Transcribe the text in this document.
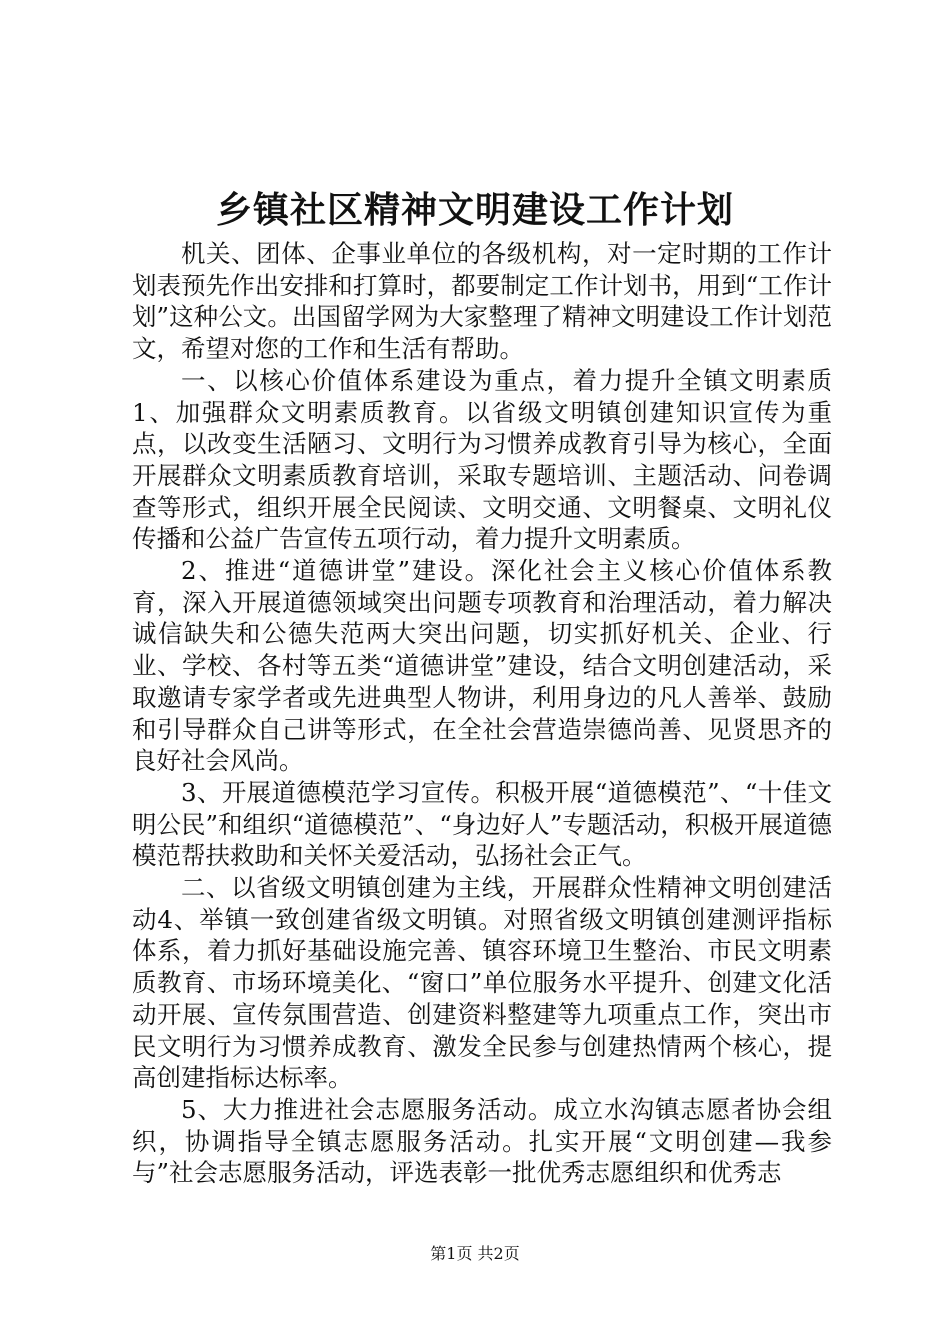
乡镇社区精神文明建设工作计划

机关、团体、企事业单位的各级机构，对一定时期的工作计划表预先作出安排和打算时，都要制定工作计划书，用到“工作计划”这种公文。出国留学网为大家整理了精神文明建设工作计划范文，希望对您的工作和生活有帮助。

一、以核心价值体系建设为重点，着力提升全镇文明素质1、加强群众文明素质教育。以省级文明镇创建知识宣传为重点，以改变生活陋习、文明行为习惯养成教育引导为核心，全面开展群众文明素质教育培训，采取专题培训、主题活动、问卷调查等形式，组织开展全民阅读、文明交通、文明餐桌、文明礼仪传播和公益广告宣传五项行动，着力提升文明素质。

2、推进“道德讲堂”建设。深化社会主义核心价值体系教育，深入开展道德领域突出问题专项教育和治理活动，着力解决诚信缺失和公德失范两大突出问题，切实抓好机关、企业、行业、学校、各村等五类“道德讲堂”建设，结合文明创建活动，采取邀请专家学者或先进典型人物讲，利用身边的凡人善举、鼓励和引导群众自己讲等形式，在全社会营造崇德尚善、见贤思齐的良好社会风尚。

3、开展道德模范学习宣传。积极开展“道德模范”、“十佳文明公民”和组织“道德模范”、“身边好人”专题活动，积极开展道德模范帮扶救助和关怀关爱活动，弘扬社会正气。

二、以省级文明镇创建为主线，开展群众性精神文明创建活动4、举镇一致创建省级文明镇。对照省级文明镇创建测评指标体系，着力抓好基础设施完善、镇容环境卫生整治、市民文明素质教育、市场环境美化、“窗口”单位服务水平提升、创建文化活动开展、宣传氛围营造、创建资料整建等九项重点工作，突出市民文明行为习惯养成教育、激发全民参与创建热情两个核心，提高创建指标达标率。

5、大力推进社会志愿服务活动。成立水沟镇志愿者协会组织，协调指导全镇志愿服务活动。扎实开展“文明创建—我参与”社会志愿服务活动，评选表彰一批优秀志愿组织和优秀志

第1页 共2页
